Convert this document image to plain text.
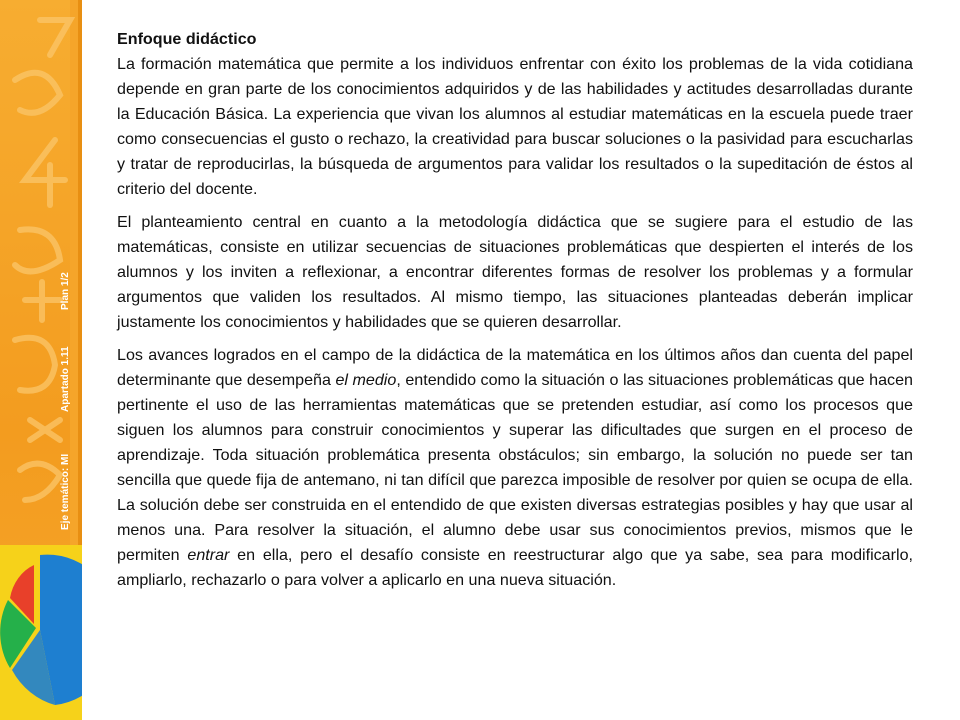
Eje temático: MI
Apartado 1.11
Plan 1/2

Enfoque didáctico

La formación matemática que permite a los individuos enfrentar con éxito los problemas de la vida cotidiana depende en gran parte de los conocimientos adquiridos y de las habilidades y actitudes desarrolladas durante la Educación Básica. La experiencia que vivan los alumnos al estudiar matemáticas en la escuela puede traer como consecuencias el gusto o rechazo, la creatividad para buscar soluciones o la pasividad para escucharlas y tratar de reproducirlas, la búsqueda de argumentos para validar los resultados o la supeditación de éstos al criterio del docente.

El planteamiento central en cuanto a la metodología didáctica que se sugiere para el estudio de las matemáticas, consiste en utilizar secuencias de situaciones problemáticas que despierten el interés de los alumnos y los inviten a reflexionar, a encontrar diferentes formas de resolver los problemas y a formular argumentos que validen los resultados. Al mismo tiempo, las situaciones planteadas deberán implicar justamente los conocimientos y habilidades que se quieren desarrollar.

Los avances logrados en el campo de la didáctica de la matemática en los últimos años dan cuenta del papel determinante que desempeña el medio, entendido como la situación o las situaciones problemáticas que hacen pertinente el uso de las herramientas matemáticas que se pretenden estudiar, así como los procesos que siguen los alumnos para construir conocimientos y superar las dificultades que surgen en el proceso de aprendizaje. Toda situación problemática presenta obstáculos; sin embargo, la solución no puede ser tan sencilla que quede fija de antemano, ni tan difícil que parezca imposible de resolver por quien se ocupa de ella. La solución debe ser construida en el entendido de que existen diversas estrategias posibles y hay que usar al menos una. Para resolver la situación, el alumno debe usar sus conocimientos previos, mismos que le permiten entrar en ella, pero el desafío consiste en reestructurar algo que ya sabe, sea para modificarlo, ampliarlo, rechazarlo o para volver a aplicarlo en una nueva situación.
